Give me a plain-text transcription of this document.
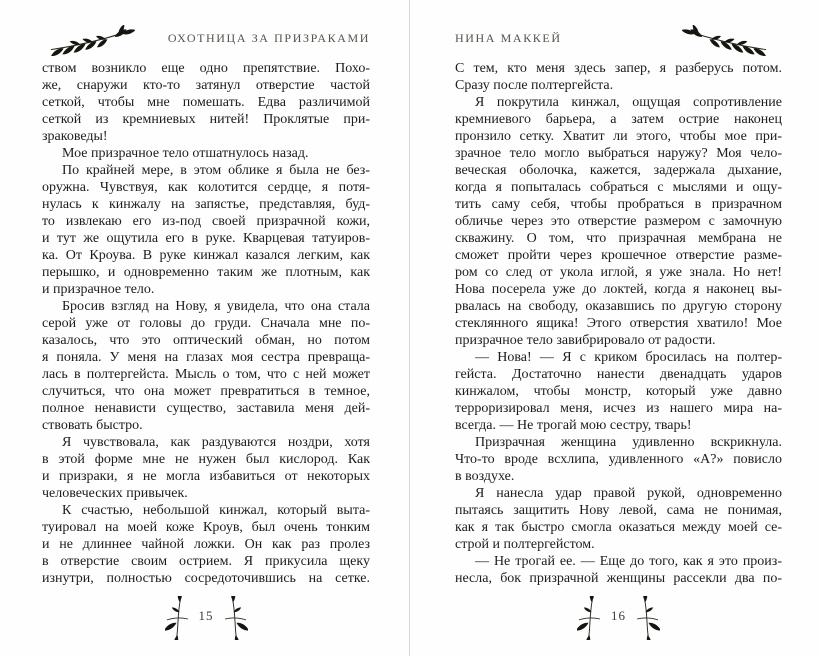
ОХОТНИЦА ЗА ПРИЗРАКАМИ
ством возникло еще одно препятствие. Похо-
же, снаружи кто-то затянул отверстие частой
сеткой, чтобы мне помешать. Едва различимой
сеткой из кремниевых нитей! Проклятые при-
зраковеды!
Мое призрачное тело отшатнулось назад.
По крайней мере, в этом облике я была не без-
оружна. Чувствуя, как колотится сердце, я потя-
нулась к кинжалу на запястье, представляя, буд-
то извлекаю его из-под своей призрачной кожи,
и тут же ощутила его в руке. Кварцевая татуиров-
ка. От Кроува. В руке кинжал казался легким, как
перышко, и одновременно таким же плотным, как
и призрачное тело.
Бросив взгляд на Нову, я увидела, что она стала
серой уже от головы до груди. Сначала мне по-
казалось, что это оптический обман, но потом
я поняла. У меня на глазах моя сестра превраща-
лась в полтергейста. Мысль о том, что с ней может
случиться, что она может превратиться в темное,
полное ненависти существо, заставила меня дей-
ствовать быстро.
Я чувствовала, как раздуваются ноздри, хотя
в этой форме мне не нужен был кислород. Как
и призраки, я не могла избавиться от некоторых
человеческих привычек.
К счастью, небольшой кинжал, который выта-
туировал на моей коже Кроув, был очень тонким
и не длиннее чайной ложки. Он как раз пролез
в отверстие своим острием. Я прикусила щеку
изнутри, полностью сосредоточившись на сетке.
15
НИНА МАККЕЙ
С тем, кто меня здесь запер, я разберусь потом.
Сразу после полтергейста.
Я покрутила кинжал, ощущая сопротивление
кремниевого барьера, а затем острие наконец
пронзило сетку. Хватит ли этого, чтобы мое при-
зрачное тело могло выбраться наружу? Моя чело-
веческая оболочка, кажется, задержала дыхание,
когда я попыталась собраться с мыслями и ощу-
тить саму себя, чтобы пробраться в призрачном
обличье через это отверстие размером с замочную
скважину. О том, что призрачная мембрана не
сможет пройти через крошечное отверстие разме-
ром со след от укола иглой, я уже знала. Но нет!
Нова посерела уже до локтей, когда я наконец вы-
рвалась на свободу, оказавшись по другую сторону
стеклянного ящика! Этого отверстия хватило! Мое
призрачное тело завибрировало от радости.
— Нова! — Я с криком бросилась на полтер-
гейста. Достаточно нанести двенадцать ударов
кинжалом, чтобы монстр, который уже давно
терроризировал меня, исчез из нашего мира на-
всегда. — Не трогай мою сестру, тварь!
Призрачная женщина удивленно вскрикнула.
Что-то вроде всхлипа, удивленного «А?» повисло
в воздухе.
Я нанесла удар правой рукой, одновременно
пытаясь защитить Нову левой, сама не понимая,
как я так быстро смогла оказаться между моей се-
строй и полтергейстом.
— Не трогай ее. — Еще до того, как я это произ-
несла, бок призрачной женщины рассекли два по-
16
